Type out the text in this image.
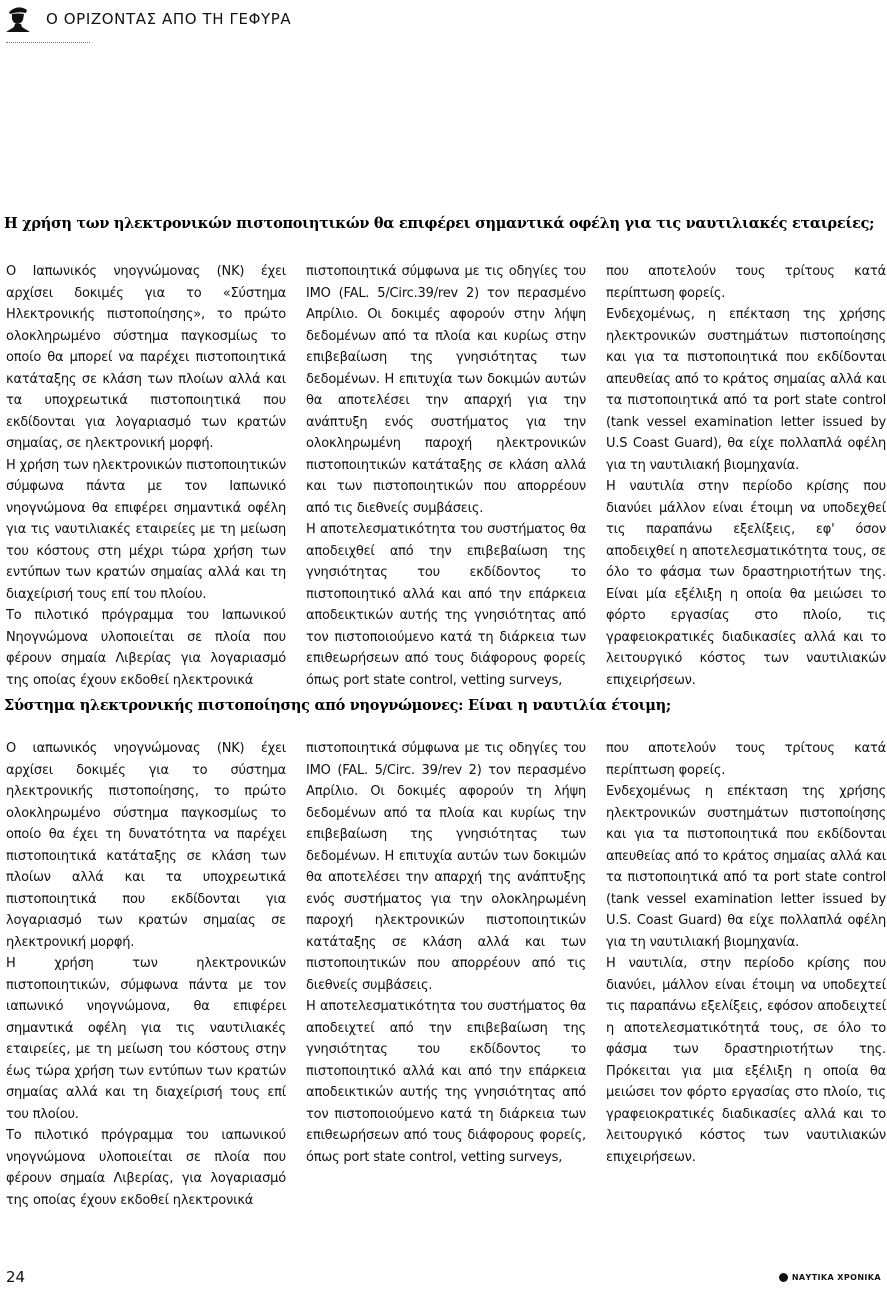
Ο ΟΡΙΖΟΝΤΑΣ ΑΠΟ ΤΗ ΓΕΦΥΡΑ
Η χρήση των ηλεκτρονικών πιστοποιητικών θα επιφέρει σημαντικά οφέλη για τις ναυτιλιακές εταιρείες;

Ο Ιαπωνικός νηογνώμονας (ΝΚ) έχει αρχίσει δοκιμές για το «Σύστημα Ηλεκτρονικής πιστοποίησης», το πρώτο ολοκληρωμένο σύστημα παγκοσμίως το οποίο θα μπορεί να παρέχει πιστοποιητικά κατάταξης σε κλάση των πλοίων αλλά και τα υποχρεωτικά πιστοποιητικά που εκδίδονται για λογαριασμό των κρατών σημαίας, σε ηλεκτρονική μορφή.

Η χρήση των ηλεκτρονικών πιστοποιητικών σύμφωνα πάντα με τον Ιαπωνικό νηογνώμονα θα επιφέρει σημαντικά οφέλη για τις ναυτιλιακές εταιρείες με τη μείωση του κόστους στη μέχρι τώρα χρήση των εντύπων των κρατών σημαίας αλλά και τη διαχείρισή τους επί του πλοίου.

Το πιλοτικό πρόγραμμα του Ιαπωνικού Νηογνώμονα υλοποιείται σε πλοία που φέρουν σημαία Λιβερίας για λογαριασμό της οποίας έχουν εκδοθεί ηλεκτρονικά

πιστοποιητικά σύμφωνα με τις οδηγίες του ΙΜΟ (FAL. 5/Circ.39/rev 2) τον περασμένο Απρίλιο. Οι δοκιμές αφορούν στην λήψη δεδομένων από τα πλοία και κυρίως στην επιβεβαίωση της γνησιότητας των δεδομένων. Η επιτυχία των δοκιμών αυτών θα αποτελέσει την απαρχή για την ανάπτυξη ενός συστήματος για την ολοκληρωμένη παροχή ηλεκτρονικών πιστοποιητικών κατάταξης σε κλάση αλλά και των πιστοποιητικών που απορρέουν από τις διεθνείς συμβάσεις.

Η αποτελεσματικότητα του συστήματος θα αποδειχθεί από την επιβεβαίωση της γνησιότητας του εκδίδοντος το πιστοποιητικό αλλά και από την επάρκεια αποδεικτικών αυτής της γνησιότητας από τον πιστοποιούμενο κατά τη διάρκεια των επιθεωρήσεων από τους διάφορους φορείς όπως port state control, vetting surveys,

που αποτελούν τους τρίτους κατά περίπτωση φορείς.

Ενδεχομένως, η επέκταση της χρήσης ηλεκτρονικών συστημάτων πιστοποίησης και για τα πιστοποιητικά που εκδίδονται απευθείας από το κράτος σημαίας αλλά και τα πιστοποιητικά από τα port state control (tank vessel examination letter issued by U.S Coast Guard), θα είχε πολλαπλά οφέλη για τη ναυτιλιακή βιομηχανία.

Η ναυτιλία στην περίοδο κρίσης που διανύει μάλλον είναι έτοιμη να υποδεχθεί τις παραπάνω εξελίξεις, εφ' όσον αποδειχθεί η αποτελεσματικότητα τους, σε όλο το φάσμα των δραστηριοτήτων της. Είναι μία εξέλιξη η οποία θα μειώσει το φόρτο εργασίας στο πλοίο, τις γραφειοκρατικές διαδικασίες αλλά και το λειτουργικό κόστος των ναυτιλιακών επιχειρήσεων.

Σύστημα ηλεκτρονικής πιστοποίησης από νηογνώμονες: Είναι η ναυτιλία έτοιμη;

Ο ιαπωνικός νηογνώμονας (NK) έχει αρχίσει δοκιμές για το σύστημα ηλεκτρονικής πιστοποίησης, το πρώτο ολοκληρωμένο σύστημα παγκοσμίως το οποίο θα έχει τη δυνατότητα να παρέχει πιστοποιητικά κατάταξης σε κλάση των πλοίων αλλά και τα υποχρεωτικά πιστοποιητικά που εκδίδονται για λογαριασμό των κρατών σημαίας σε ηλεκτρονική μορφή.

Η χρήση των ηλεκτρονικών πιστοποιητικών, σύμφωνα πάντα με τον ιαπωνικό νηογνώμονα, θα επιφέρει σημαντικά οφέλη για τις ναυτιλιακές εταιρείες, με τη μείωση του κόστους στην έως τώρα χρήση των εντύπων των κρατών σημαίας αλλά και τη διαχείρισή τους επί του πλοίου.

Το πιλοτικό πρόγραμμα του ιαπωνικού νηογνώμονα υλοποιείται σε πλοία που φέρουν σημαία Λιβερίας, για λογαριασμό της οποίας έχουν εκδοθεί ηλεκτρονικά

πιστοποιητικά σύμφωνα με τις οδηγίες του IMO (FAL. 5/Circ. 39/rev 2) τον περασμένο Απρίλιο. Οι δοκιμές αφορούν τη λήψη δεδομένων από τα πλοία και κυρίως την επιβεβαίωση της γνησιότητας των δεδομένων. Η επιτυχία αυτών των δοκιμών θα αποτελέσει την απαρχή της ανάπτυξης ενός συστήματος για την ολοκληρωμένη παροχή ηλεκτρονικών πιστοποιητικών κατάταξης σε κλάση αλλά και των πιστοποιητικών που απορρέουν από τις διεθνείς συμβάσεις.

Η αποτελεσματικότητα του συστήματος θα αποδειχτεί από την επιβεβαίωση της γνησιότητας του εκδίδοντος το πιστοποιητικό αλλά και από την επάρκεια αποδεικτικών αυτής της γνησιότητας από τον πιστοποιούμενο κατά τη διάρκεια των επιθεωρήσεων από τους διάφορους φορείς, όπως port state control, vetting surveys,

που αποτελούν τους τρίτους κατά περίπτωση φορείς.

Ενδεχομένως η επέκταση της χρήσης ηλεκτρονικών συστημάτων πιστοποίησης και για τα πιστοποιητικά που εκδίδονται απευθείας από το κράτος σημαίας αλλά και τα πιστοποιητικά από τα port state control (tank vessel examination letter issued by U.S. Coast Guard) θα είχε πολλαπλά οφέλη για τη ναυτιλιακή βιομηχανία.

Η ναυτιλία, στην περίοδο κρίσης που διανύει, μάλλον είναι έτοιμη να υποδεχτεί τις παραπάνω εξελίξεις, εφόσον αποδειχτεί η αποτελεσματικότητά τους, σε όλο το φάσμα των δραστηριοτήτων της. Πρόκειται για μια εξέλιξη η οποία θα μειώσει τον φόρτο εργασίας στο πλοίο, τις γραφειοκρατικές διαδικασίες αλλά και το λειτουργικό κόστος των ναυτιλιακών επιχειρήσεων.

24	ΝΑΥΤΙΚΑ ΧΡΟΝΙΚΑ
